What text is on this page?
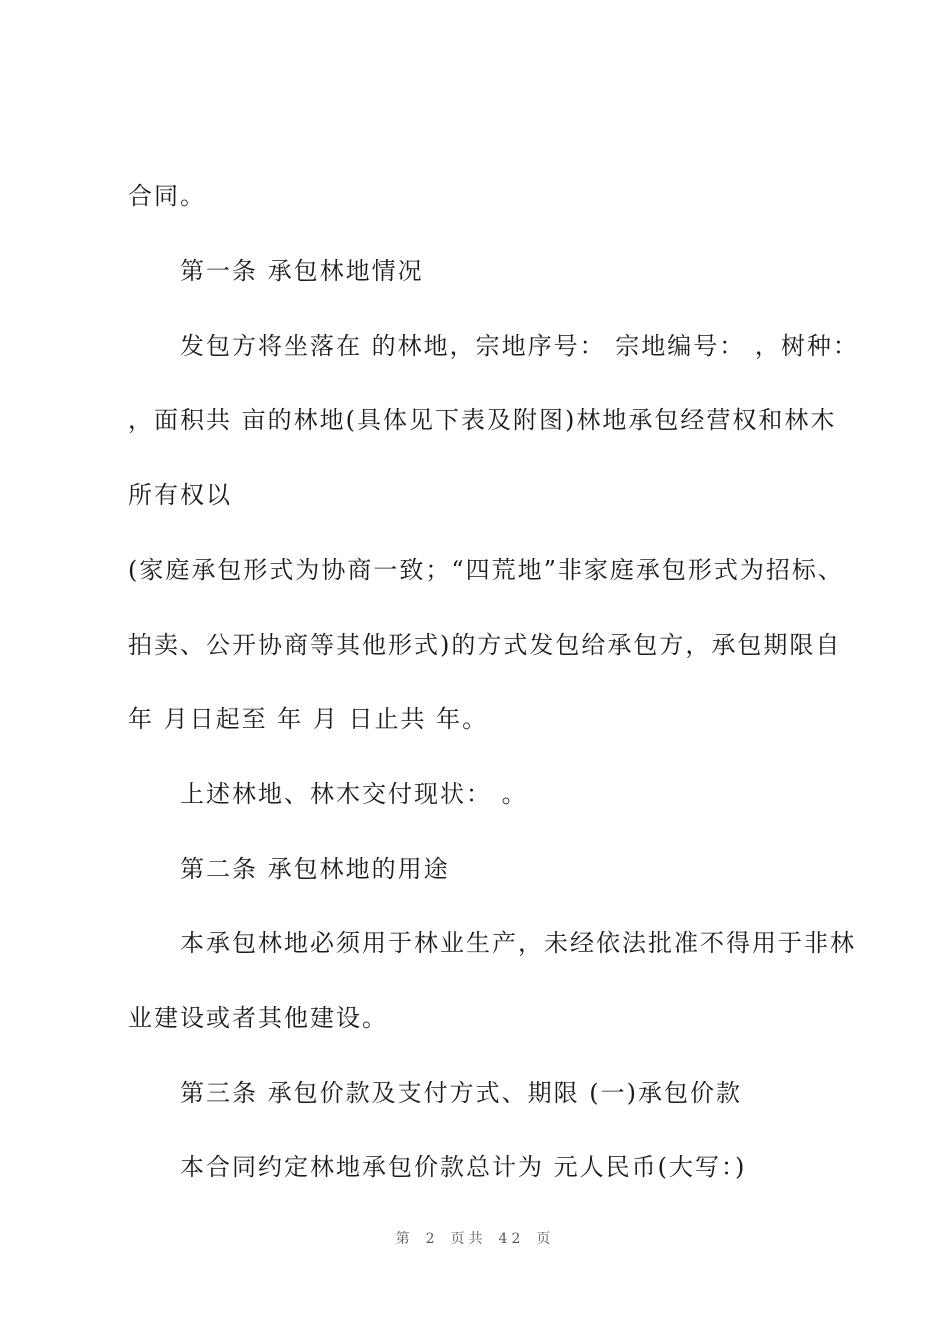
合同。
第一条 承包林地情况
发包方将坐落在 的林地，宗地序号： 宗地编号： ，树种：
，面积共 亩的林地(具体见下表及附图)林地承包经营权和林木
所有权以
(家庭承包形式为协商一致；“四荒地”非家庭承包形式为招标、
拍卖、公开协商等其他形式)的方式发包给承包方，承包期限自
年 月日起至 年 月 日止共 年。
上述林地、林木交付现状： 。
第二条 承包林地的用途
本承包林地必须用于林业生产，未经依法批准不得用于非林
业建设或者其他建设。
第三条 承包价款及支付方式、期限 (一)承包价款
本合同约定林地承包价款总计为 元人民币(大写：)
第 2 页共 42 页
